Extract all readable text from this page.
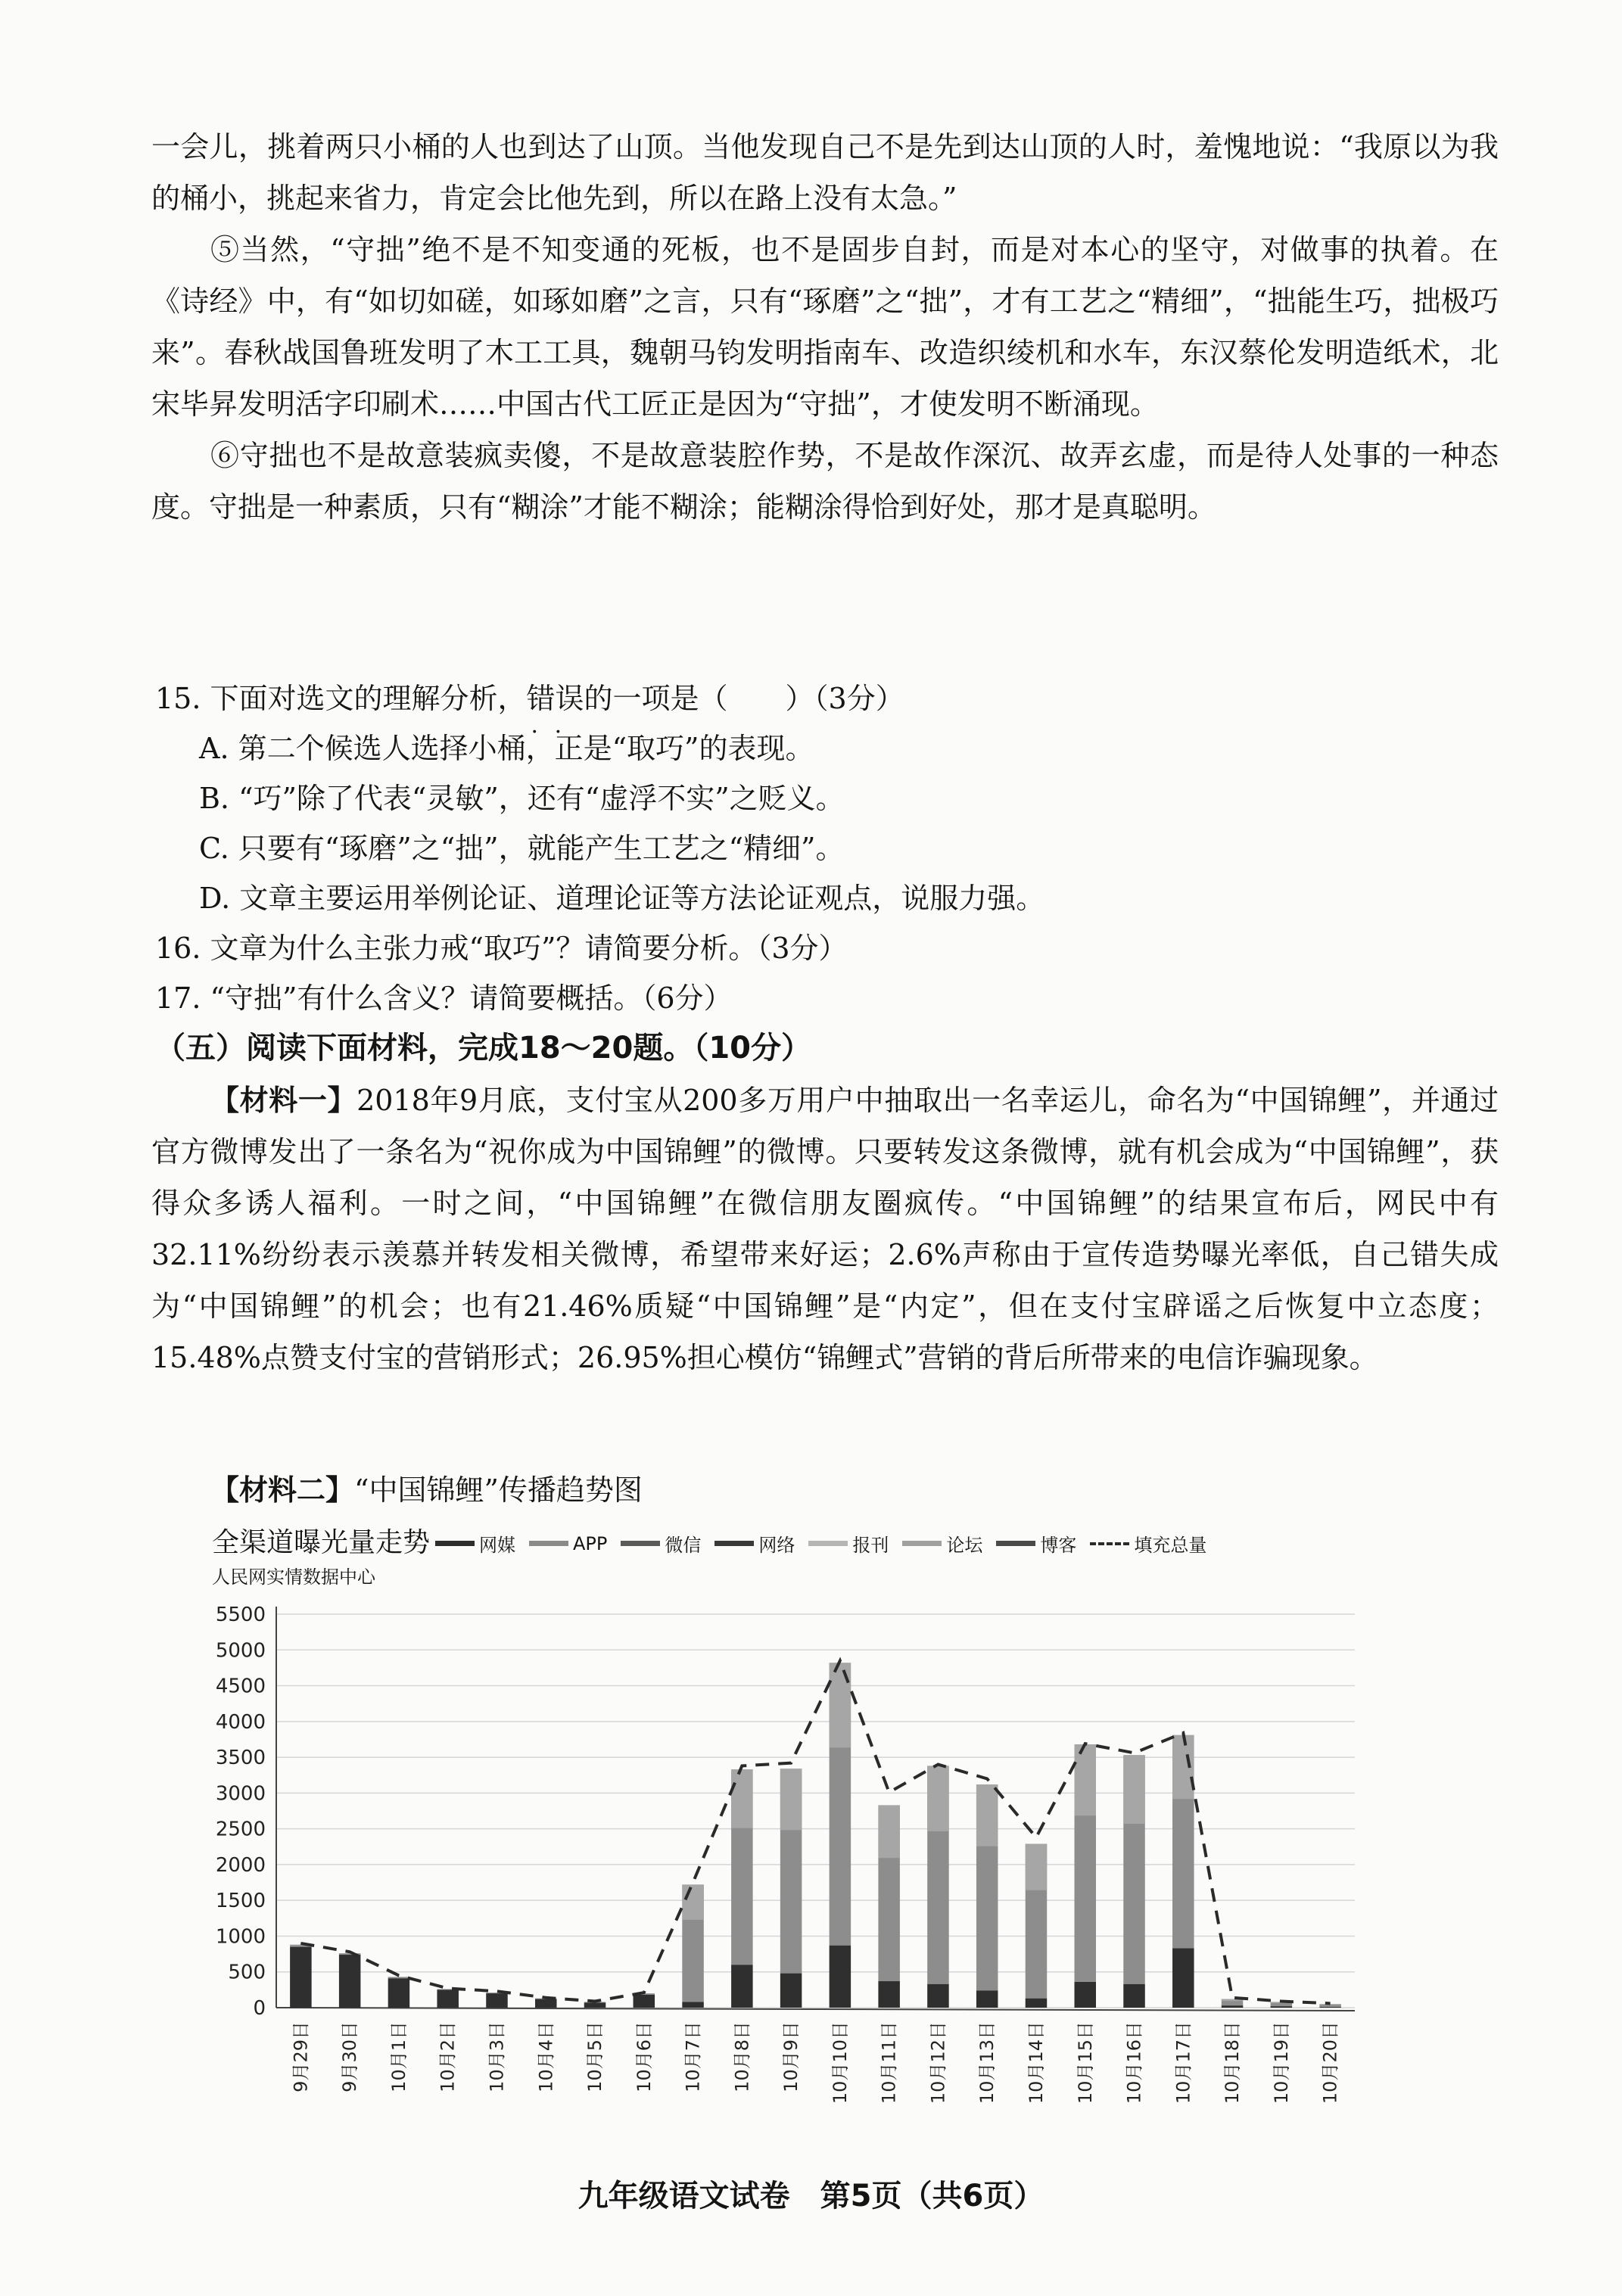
一会儿，挑着两只小桶的人也到达了山顶。当他发现自己不是先到达山顶的人时，羞愧地说：“我原以为我的桶小，挑起来省力，肯定会比他先到，所以在路上没有太急。”

⑤当然，“守拙”绝不是不知变通的死板，也不是固步自封，而是对本心的坚守，对做事的执着。在《诗经》中，有“如切如磋，如琢如磨”之言，只有“琢磨”之“拙”，才有工艺之“精细”，“拙能生巧，拙极巧来”。春秋战国鲁班发明了木工工具，魏朝马钧发明指南车、改造织绫机和水车，东汉蔡伦发明造纸术，北宋毕昇发明活字印刷术……中国古代工匠正是因为“守拙”，才使发明不断涌现。

⑥守拙也不是故意装疯卖傻，不是故意装腔作势，不是故作深沉、故弄玄虚，而是待人处事的一种态度。守拙是一种素质，只有“糊涂”才能不糊涂；能糊涂得恰到好处，那才是真聪明。

15. 下面对选文的理解分析，错误 · ·的一项是（　　）（3分）

A. 第二个候选人选择小桶，正是“取巧”的表现。

B. “巧”除了代表“灵敏”，还有“虚浮不实”之贬义。

C. 只要有“琢磨”之“拙”，就能产生工艺之“精细”。

D. 文章主要运用举例论证、道理论证等方法论证观点，说服力强。

16. 文章为什么主张力戒“取巧”？请简要分析。（3分）

17. “守拙”有什么含义？请简要概括。（6分）

（五）阅读下面材料，完成18～20题。（10分）

【材料一】2018年9月底，支付宝从200多万用户中抽取出一名幸运儿，命名为“中国锦鲤”，并通过官方微博发出了一条名为“祝你成为中国锦鲤”的微博。只要转发这条微博，就有机会成为“中国锦鲤”，获得众多诱人福利。一时之间，“中国锦鲤”在微信朋友圈疯传。“中国锦鲤”的结果宣布后，网民中有32.11%纷纷表示羡慕并转发相关微博，希望带来好运；2.6%声称由于宣传造势曝光率低，自己错失成为“中国锦鲤”的机会；也有21.46%质疑“中国锦鲤”是“内定”，但在支付宝辟谣之后恢复中立态度；15.48%点赞支付宝的营销形式；26.95%担心模仿“锦鲤式”营销的背后所带来的电信诈骗现象。

【材料二】“中国锦鲤”传播趋势图

全渠道曝光量走势
人民网实情数据中心
网媒	APP	微信	网络	报刊	论坛	博客	填充总量
0
500
1000
1500
2000
2500
3000
3500
4000
4500
5000
5500
9月29日 9月30日 10月1日 10月2日 10月3日 10月4日 10月5日 10月6日 10月7日 10月8日 10月9日 10月10日 10月11日 10月12日 10月13日 10月14日 10月15日 10月16日 10月17日 10月18日 10月19日 10月20日
九年级语文试卷　第5页（共6页）
